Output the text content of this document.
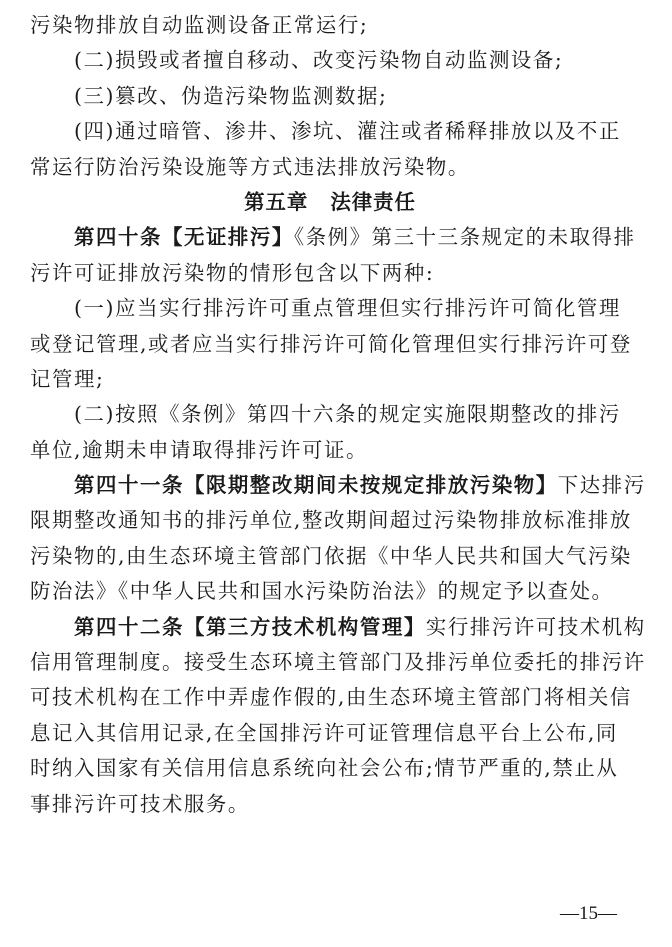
污染物排放自动监测设备正常运行;
(二)损毁或者擅自移动、改变污染物自动监测设备;
(三)篡改、伪造污染物监测数据;
(四)通过暗管、渗井、渗坑、灌注或者稀释排放以及不正
常运行防治污染设施等方式违法排放污染物。
第五章 法律责任
第四十条【无证排污】《条例》第三十三条规定的未取得排
污许可证排放污染物的情形包含以下两种:
(一)应当实行排污许可重点管理但实行排污许可简化管理
或登记管理,或者应当实行排污许可简化管理但实行排污许可登
记管理;
(二)按照《条例》第四十六条的规定实施限期整改的排污
单位,逾期未申请取得排污许可证。
第四十一条【限期整改期间未按规定排放污染物】下达排污
限期整改通知书的排污单位,整改期间超过污染物排放标准排放
污染物的,由生态环境主管部门依据《中华人民共和国大气污染
防治法》《中华人民共和国水污染防治法》的规定予以查处。
第四十二条【第三方技术机构管理】实行排污许可技术机构
信用管理制度。接受生态环境主管部门及排污单位委托的排污许
可技术机构在工作中弄虚作假的,由生态环境主管部门将相关信
息记入其信用记录,在全国排污许可证管理信息平台上公布,同
时纳入国家有关信用信息系统向社会公布;情节严重的,禁止从
事排污许可技术服务。
—15—
